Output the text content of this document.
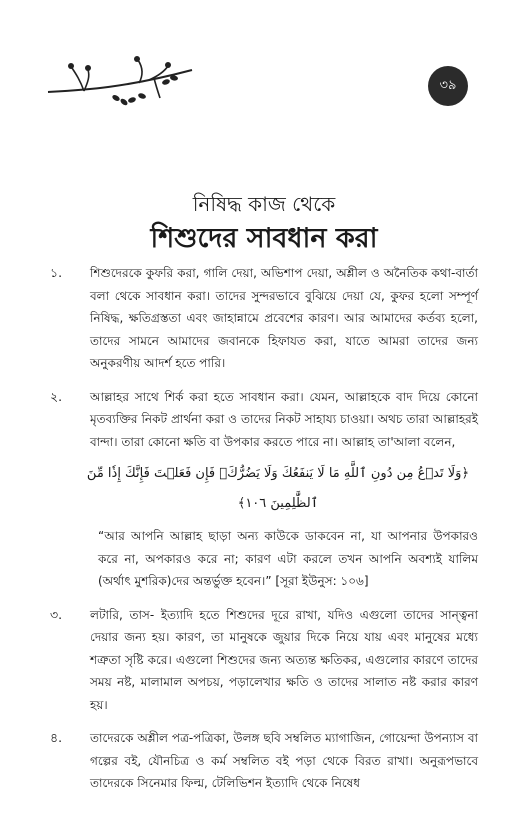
৩৯
নিষিদ্ধ কাজ থেকে
শিশুদের সাবধান করা
১. শিশুদেরকে কুফরি করা, গালি দেয়া, অভিশাপ দেয়া, অশ্লীল ও অনৈতিক কথা-বার্তা বলা থেকে সাবধান করা। তাদের সুন্দরভাবে বুঝিয়ে দেয়া যে, কুফর হলো সম্পূর্ণ নিষিদ্ধ, ক্ষতিগ্রস্ততা এবং জাহান্নামে প্রবেশের কারণ। আর আমাদের কর্তব্য হলো, তাদের সামনে আমাদের জবানকে হিফাযত করা, যাতে আমরা তাদের জন্য অনুকরণীয় আদর্শ হতে পারি।

২. আল্লাহর সাথে শির্ক করা হতে সাবধান করা। যেমন, আল্লাহকে বাদ দিয়ে কোনো মৃতব্যক্তির নিকট প্রার্থনা করা ও তাদের নিকট সাহায্য চাওয়া। অথচ তারা আল্লাহরই বান্দা। তারা কোনো ক্ষতি বা উপকার করতে পারে না। আল্লাহ তা'আলা বলেন,

﴿وَلَا تَدۡعُ مِن دُونِ ٱللَّهِ مَا لَا يَنفَعُكَ وَلَا يَضُرُّكَۖ فَإِن فَعَلۡتَ فَإِنَّكَ إِذٗا مِّنَ ٱلظَّٰلِمِينَ ١٠٦﴾

“আর আপনি আল্লাহ ছাড়া অন্য কাউকে ডাকবেন না, যা আপনার উপকারও করে না, অপকারও করে না; কারণ এটা করলে তখন আপনি অবশ্যই যালিম (অর্থাৎ মুশরিক)দের অন্তর্ভুক্ত হবেন।” [সূরা ইউনুস: ১০৬]

৩. লটারি, তাস- ইত্যাদি হতে শিশুদের দূরে রাখা, যদিও এগুলো তাদের সান্ত্বনা দেয়ার জন্য হয়। কারণ, তা মানুষকে জুয়ার দিকে নিয়ে যায় এবং মানুষের মধ্যে শত্রুতা সৃষ্টি করে। এগুলো শিশুদের জন্য অত্যন্ত ক্ষতিকর, এগুলোর কারণে তাদের সময় নষ্ট, মালামাল অপচয়, পড়ালেখার ক্ষতি ও তাদের সালাত নষ্ট করার কারণ হয়।

৪. তাদেরকে অশ্লীল পত্র-পত্রিকা, উলঙ্গ ছবি সম্বলিত ম্যাগাজিন, গোয়েন্দা উপন্যাস বা গল্পের বই, যৌনচিত্র ও কর্ম সম্বলিত বই পড়া থেকে বিরত রাখা। অনুরূপভাবে তাদেরকে সিনেমার ফিল্ম, টেলিভিশন ইত্যাদি থেকে নিষেধ
